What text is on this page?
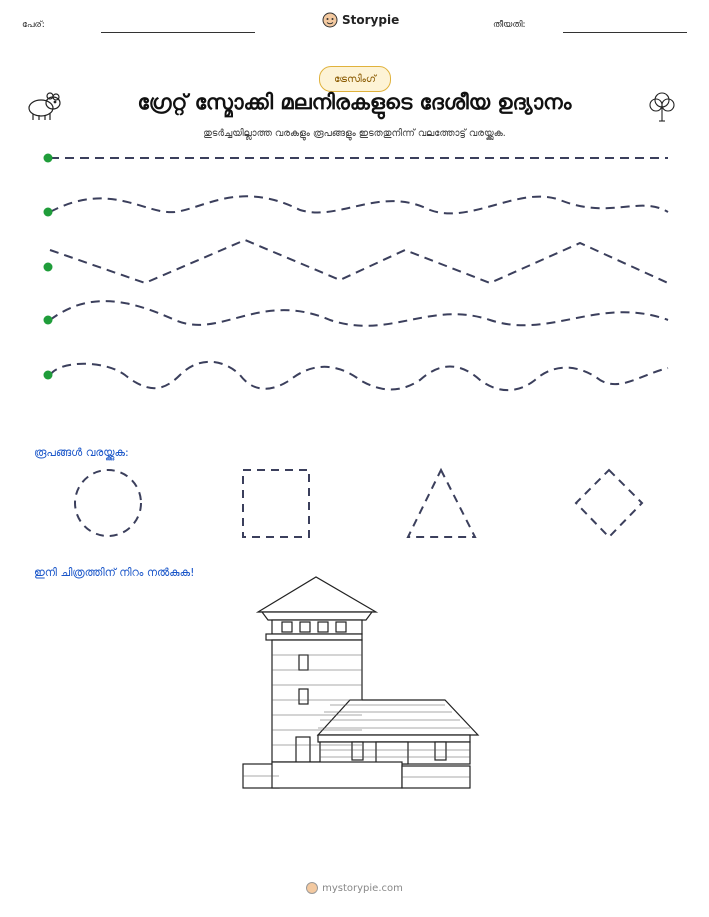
പേര്:	Storypie	തീയതി:
ട്രേസിംഗ്
ഗ്രേറ്റ് സ്മോക്കി മലനിരകളുടെ ദേശീയ ഉദ്യാനം
തുടർച്ചയില്ലാത്ത വരകളും രൂപങ്ങളും ഇടതതുനിന്ന് വലത്തോട്ട് വരയ്ക്കുക.
രൂപങ്ങൾ വരയ്ക്കുക:
ഇനി ചിത്രത്തിന് നിറം നൽകുക!
mystorypie.com
